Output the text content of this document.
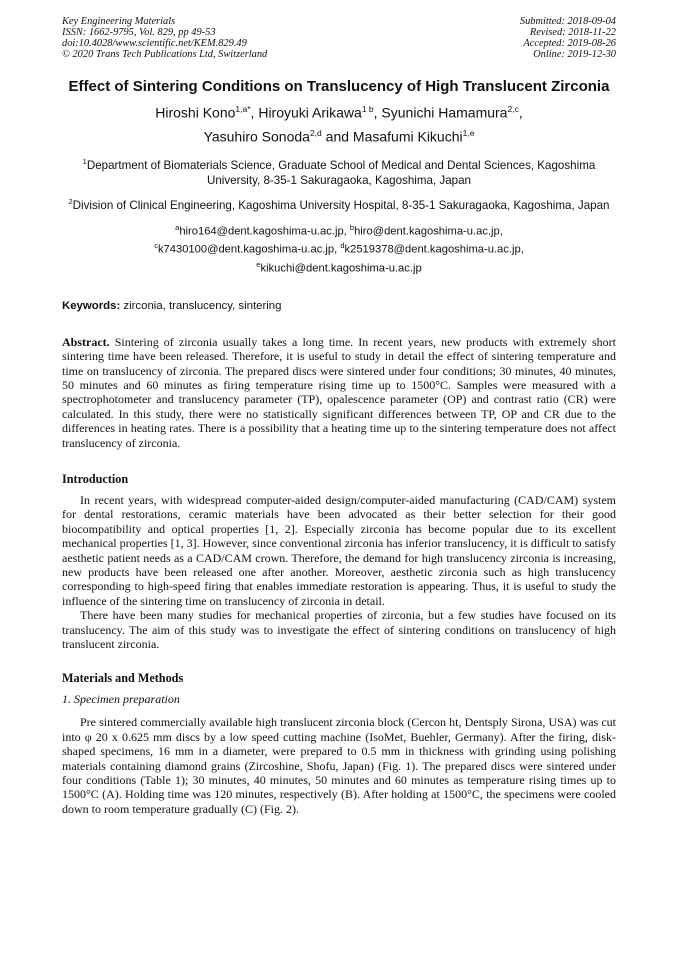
Key Engineering Materials
ISSN: 1662-9795, Vol. 829, pp 49-53
doi:10.4028/www.scientific.net/KEM.829.49
© 2020 Trans Tech Publications Ltd, Switzerland
Submitted: 2018-09-04
Revised: 2018-11-22
Accepted: 2019-08-26
Online: 2019-12-30
Effect of Sintering Conditions on Translucency of High Translucent Zirconia
Hiroshi Kono$^{1,a*}$, Hiroyuki Arikawa$^{1 b}$, Syunichi Hamamura$^{2,c}$,
Yasuhiro Sonoda$^{2,d}$ and Masafumi Kikuchi$^{1,e}$
$^1$Department of Biomaterials Science, Graduate School of Medical and Dental Sciences, Kagoshima University, 8-35-1 Sakuragaoka, Kagoshima, Japan
$^2$Division of Clinical Engineering, Kagoshima University Hospital, 8-35-1 Sakuragaoka, Kagoshima, Japan
$^a$hiro164@dent.kagoshima-u.ac.jp, $^b$hiro@dent.kagoshima-u.ac.jp,
$^c$k7430100@dent.kagoshima-u.ac.jp, $^d$k2519378@dent.kagoshima-u.ac.jp,
$^e$kikuchi@dent.kagoshima-u.ac.jp
Keywords: zirconia, translucency, sintering
Abstract. Sintering of zirconia usually takes a long time. In recent years, new products with extremely short sintering time have been released. Therefore, it is useful to study in detail the effect of sintering temperature and time on translucency of zirconia. The prepared discs were sintered under four conditions; 30 minutes, 40 minutes, 50 minutes and 60 minutes as firing temperature rising time up to 1500°C. Samples were measured with a spectrophotometer and translucency parameter (TP), opalescence parameter (OP) and contrast ratio (CR) were calculated. In this study, there were no statistically significant differences between TP, OP and CR due to the differences in heating rates. There is a possibility that a heating time up to the sintering temperature does not affect translucency of zirconia.
Introduction
In recent years, with widespread computer-aided design/computer-aided manufacturing (CAD/CAM) system for dental restorations, ceramic materials have been advocated as their better selection for their good biocompatibility and optical properties [1, 2]. Especially zirconia has become popular due to its excellent mechanical properties [1, 3]. However, since conventional zirconia has inferior translucency, it is difficult to satisfy aesthetic patient needs as a CAD/CAM crown. Therefore, the demand for high translucency zirconia is increasing, new products have been released one after another. Moreover, aesthetic zirconia such as high translucency corresponding to high-speed firing that enables immediate restoration is appearing. Thus, it is useful to study the influence of the sintering time on translucency of zirconia in detail.
There have been many studies for mechanical properties of zirconia, but a few studies have focused on its translucency. The aim of this study was to investigate the effect of sintering conditions on translucency of high translucent zirconia.
Materials and Methods
1. Specimen preparation
Pre sintered commercially available high translucent zirconia block (Cercon ht, Dentsply Sirona, USA) was cut into φ 20 x 0.625 mm discs by a low speed cutting machine (IsoMet, Buehler, Germany). After the firing, disk-shaped specimens, 16 mm in a diameter, were prepared to 0.5 mm in thickness with grinding using polishing materials containing diamond grains (Zircoshine, Shofu, Japan) (Fig. 1). The prepared discs were sintered under four conditions (Table 1); 30 minutes, 40 minutes, 50 minutes and 60 minutes as temperature rising times up to 1500°C (A). Holding time was 120 minutes, respectively (B). After holding at 1500°C, the specimens were cooled down to room temperature gradually (C) (Fig. 2).
